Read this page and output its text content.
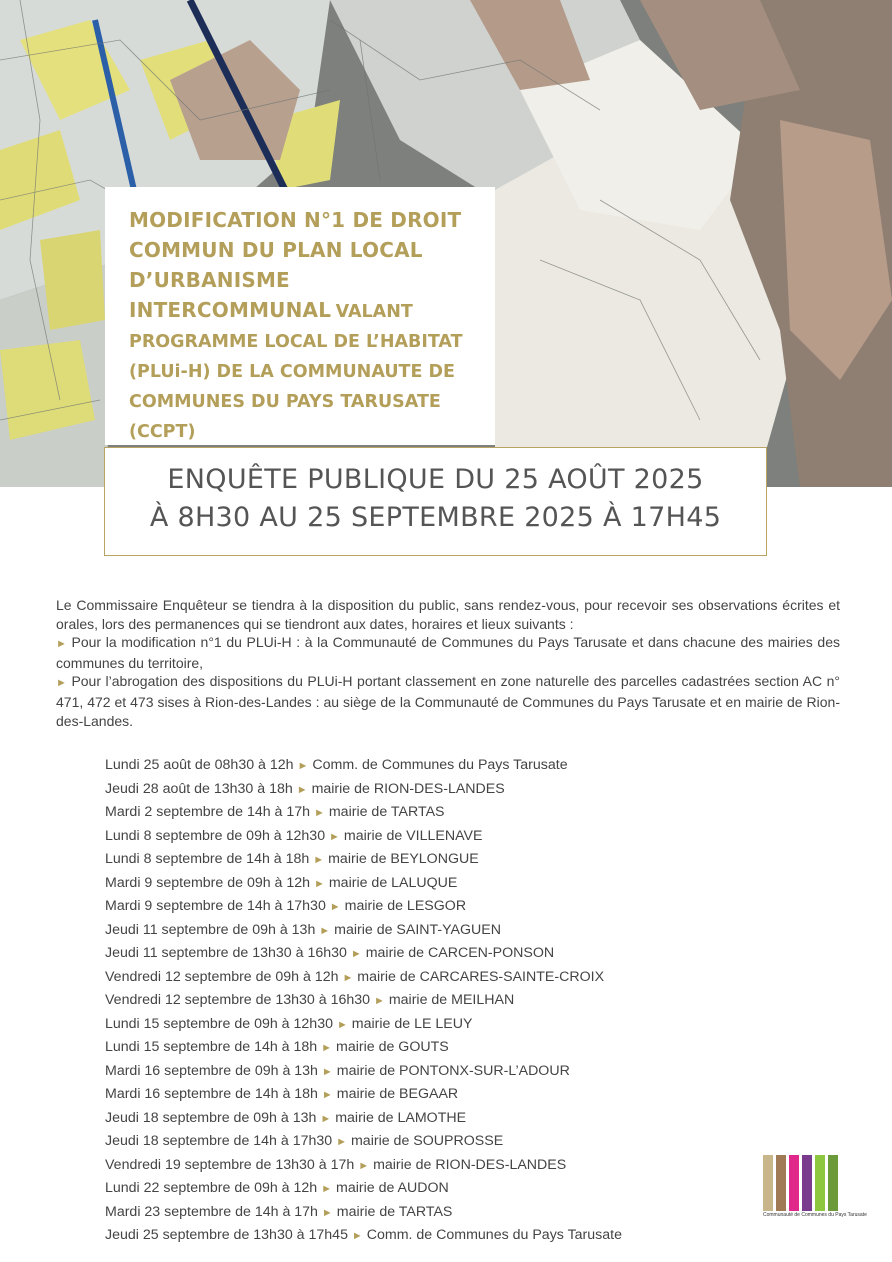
MODIFICATION N°1 DE DROIT COMMUN DU PLAN LOCAL D’URBANISME INTERCOMMUNAL VALANT PROGRAMME LOCAL DE L’HABITAT (PLUi-H) DE LA COMMUNAUTE DE COMMUNES DU PAYS TARUSATE (CCPT)
ENQUÊTE PUBLIQUE DU 25 AOÛT 2025
À 8H30 AU 25 SEPTEMBRE 2025 À 17H45

Le Commissaire Enquêteur se tiendra à la disposition du public, sans rendez-vous, pour recevoir ses observations écrites et orales, lors des permanences qui se tiendront aux dates, horaires et lieux suivants :

► Pour la modification n°1 du PLUi-H : à la Communauté de Communes du Pays Tarusate et dans chacune des mairies des communes du territoire,

► Pour l’abrogation des dispositions du PLUi-H portant classement en zone naturelle des parcelles cadastrées section AC n° 471, 472 et 473 sises à Rion-des-Landes : au siège de la Communauté de Communes du Pays Tarusate et en mairie de Rion-des-Landes.

Lundi 25 août de 08h30 à 12h ► Comm. de Communes du Pays Tarusate
Jeudi 28 août de 13h30 à 18h ► mairie de RION-DES-LANDES
Mardi 2 septembre de 14h à 17h ► mairie de TARTAS
Lundi 8 septembre de 09h à 12h30 ► mairie de VILLENAVE
Lundi 8 septembre de 14h à 18h ► mairie de BEYLONGUE
Mardi 9 septembre de 09h à 12h ► mairie de LALUQUE
Mardi 9 septembre de 14h à 17h30 ► mairie de LESGOR
Jeudi 11 septembre de 09h à 13h ► mairie de SAINT-YAGUEN
Jeudi 11 septembre de 13h30 à 16h30 ► mairie de CARCEN-PONSON
Vendredi 12 septembre de 09h à 12h ► mairie de CARCARES-SAINTE-CROIX
Vendredi 12 septembre de 13h30 à 16h30 ► mairie de MEILHAN
Lundi 15 septembre de 09h à 12h30 ► mairie de LE LEUY
Lundi 15 septembre de 14h à 18h ► mairie de GOUTS
Mardi 16 septembre de 09h à 13h ► mairie de PONTONX-SUR-L’ADOUR
Mardi 16 septembre de 14h à 18h ► mairie de BEGAAR
Jeudi 18 septembre de 09h à 13h ► mairie de LAMOTHE
Jeudi 18 septembre de 14h à 17h30 ► mairie de SOUPROSSE
Vendredi 19 septembre de 13h30 à 17h ► mairie de RION-DES-LANDES
Lundi 22 septembre de 09h à 12h ► mairie de AUDON
Mardi 23 septembre de 14h à 17h ► mairie de TARTAS
Jeudi 25 septembre de 13h30 à 17h45 ► Comm. de Communes du Pays Tarusate
Communauté de Communes du Pays Tarusate
